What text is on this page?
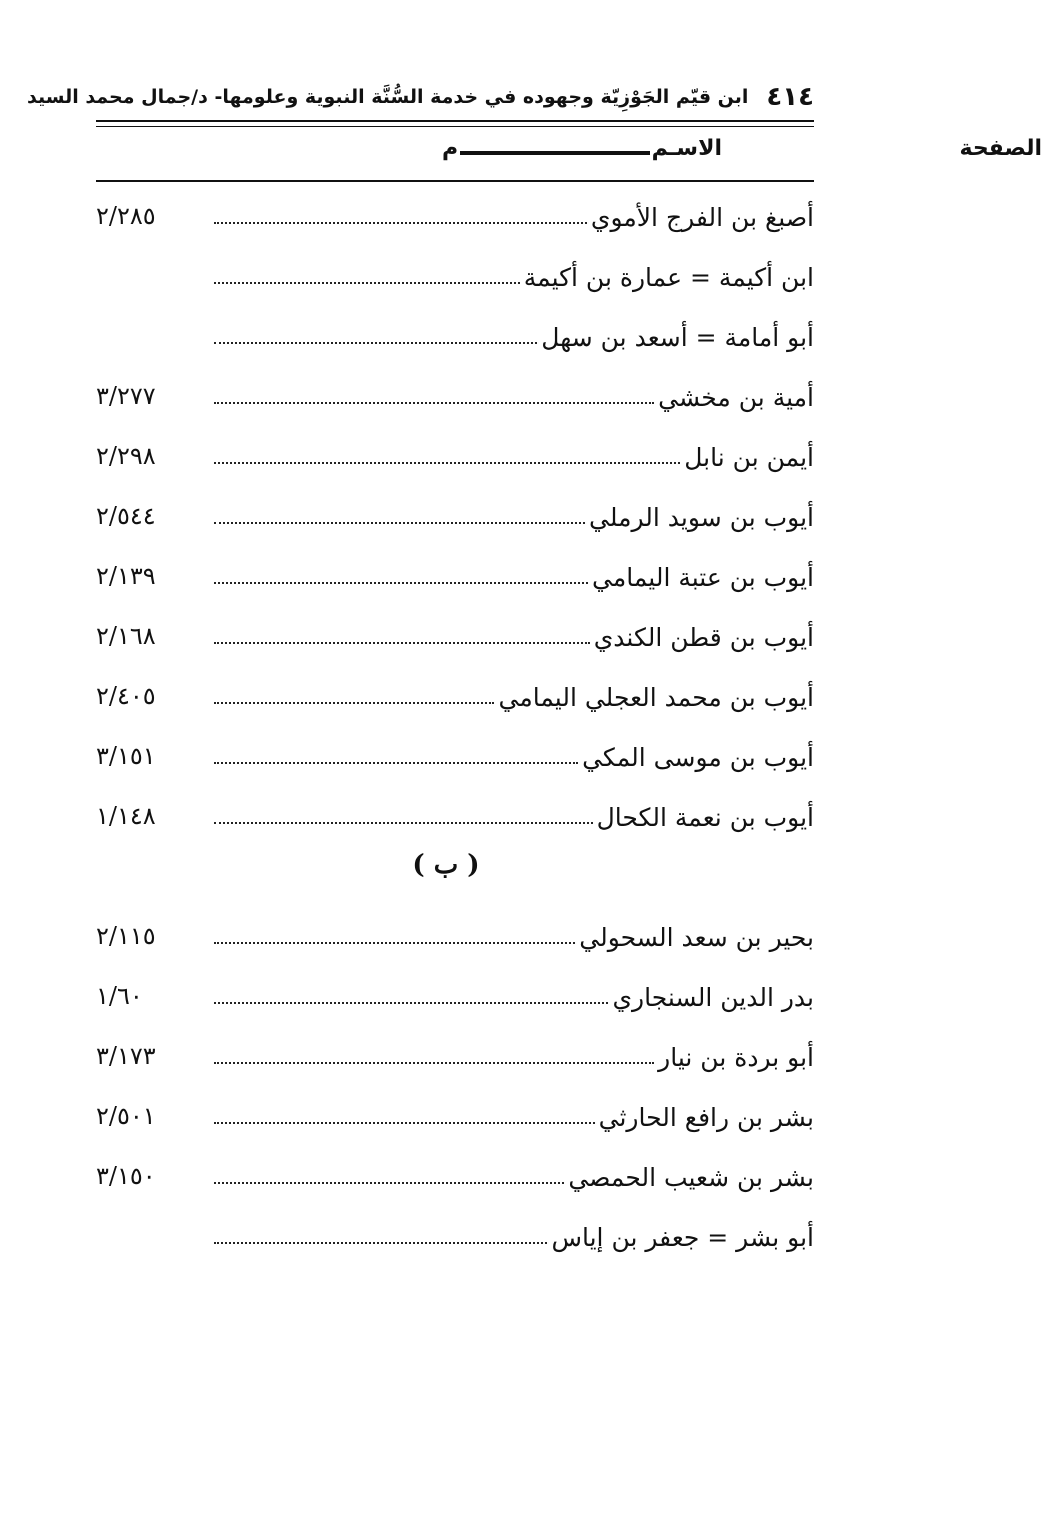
٤١٤
ابن قيّم الجَوْزِيّة وجهوده في خدمة السُّنَّة النبوية وعلومها- د/جمال محمد السيد
الاسـم
م	الصفحة
أصبغ بن الفرج الأموي
٢/٢٨٥
ابن أكيمة = عمارة بن أكيمة
أبو أمامة = أسعد بن سهل
أمية بن مخشي
٣/٢٧٧
أيمن بن نابل
٢/٢٩٨
أيوب بن سويد الرملي
٢/٥٤٤
أيوب بن عتبة اليمامي
٢/١٣٩
أيوب بن قطن الكندي
٢/١٦٨
أيوب بن محمد العجلي اليمامي
٢/٤٠٥
أيوب بن موسى المكي
٣/١٥١
أيوب بن نعمة الكحال
١/١٤٨
( ب )
بحير بن سعد السحولي
٢/١١٥
بدر الدين السنجاري
١/٦٠
أبو بردة بن نيار
٣/١٧٣
بشر بن رافع الحارثي
٢/٥٠١
بشر بن شعيب الحمصي
٣/١٥٠
أبو بشر = جعفر بن إياس
